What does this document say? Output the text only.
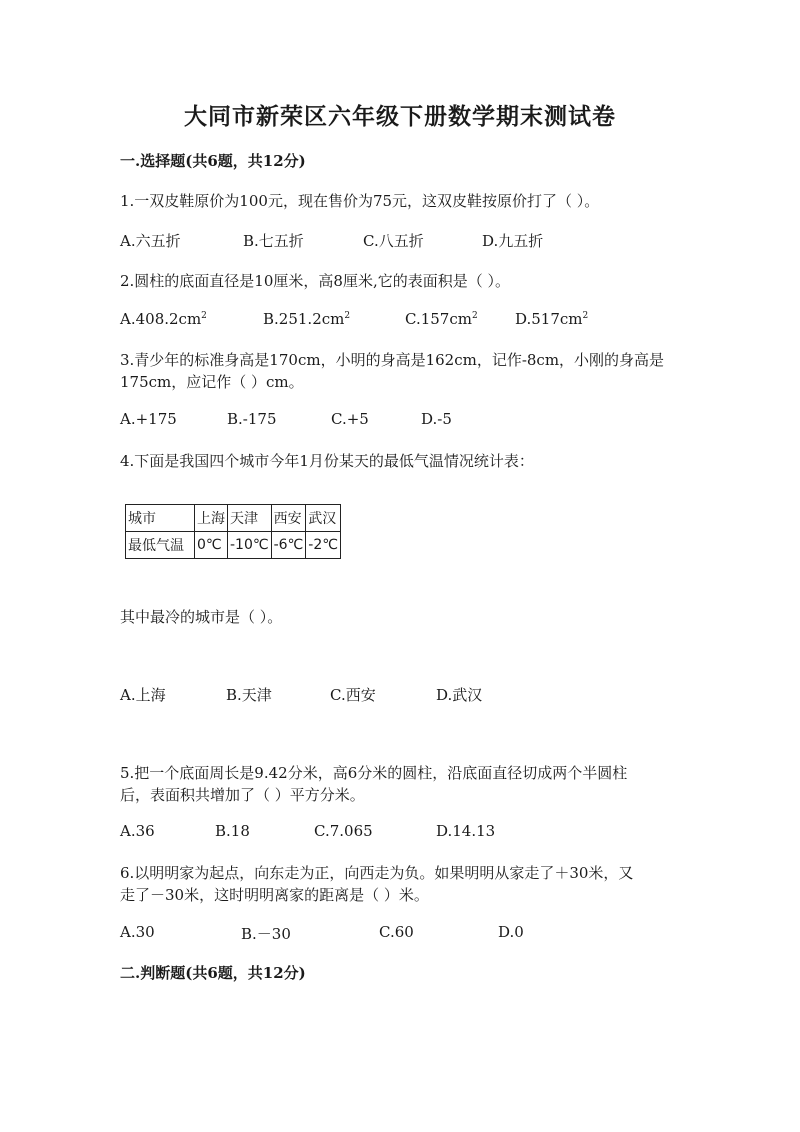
大同市新荣区六年级下册数学期末测试卷
一.选择题(共6题，共12分)
1.一双皮鞋原价为100元，现在售价为75元，这双皮鞋按原价打了（ ）。
A.六五折	B.七五折	C.八五折	D.九五折
2.圆柱的底面直径是10厘米，高8厘米,它的表面积是（ ）。
$A.408.2cm^2$	$B.251.2cm^2$	$C.157cm^2$ $D.517cm^2$
3.青少年的标准身高是170cm，小明的身高是162cm，记作-8cm，小刚的身高是
175cm，应记作（ ）cm。
A.+175	B.-175	C.+5	D.-5
4.下面是我国四个城市今年1月份某天的最低气温情况统计表：
城市	上海	天津	西安	武汉
最低气温	0℃	-10℃	-6℃	-2℃
其中最冷的城市是（ ）。
A.上海	B.天津	C.西安	D.武汉
5.把一个底面周长是9.42分米，高6分米的圆柱，沿底面直径切成两个半圆柱
后，表面积共增加了（ ）平方分米。
A.36	B.18	C.7.065	D.14.13
6.以明明家为起点，向东走为正，向西走为负。如果明明从家走了＋30米，又
走了－30米，这时明明离家的距离是（ ）米。
A.30	B.－30	C.60	D.0
二.判断题(共6题，共12分)
